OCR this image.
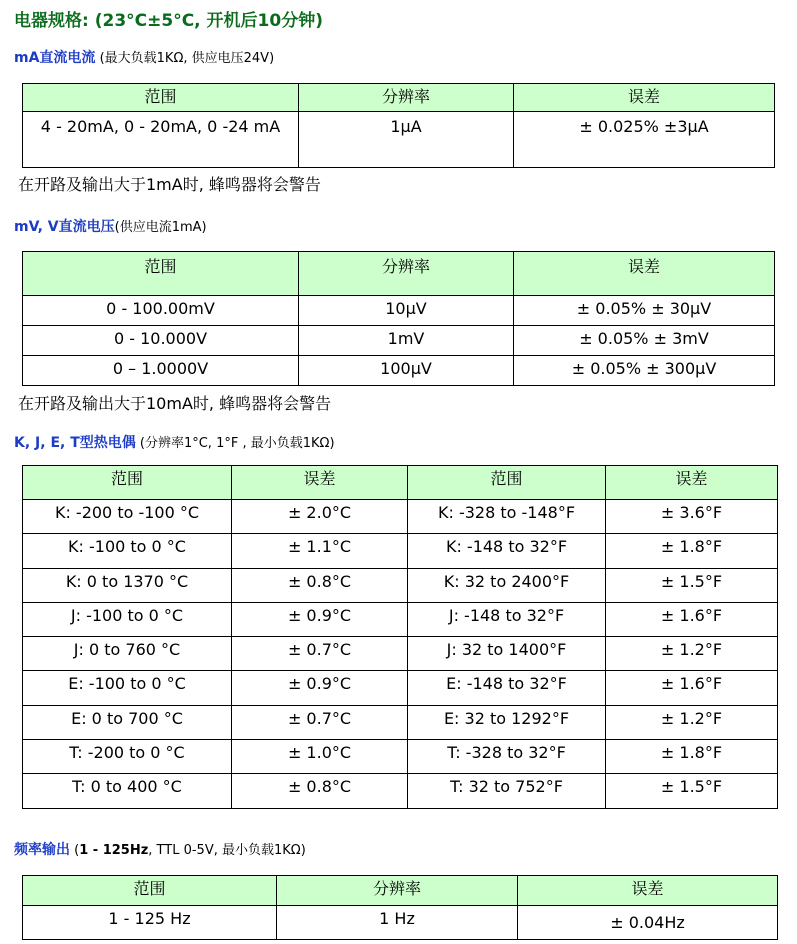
电器规格: (23°C±5°C, 开机后10分钟)
mA直流电流 (最大负载1KΩ, 供应电压24V)
范围	分辨率	误差
4 - 20mA, 0 - 20mA, 0 -24 mA	1μA	± 0.025% ±3μA
在开路及输出大于1mA时, 蜂鸣器将会警告
mV, V直流电压(供应电流1mA)
范围	分辨率	误差
0 - 100.00mV	10μV	± 0.05% ± 30μV
0 - 10.000V	1mV	± 0.05% ± 3mV
0 – 1.0000V	100μV	± 0.05% ± 300μV
在开路及输出大于10mA时, 蜂鸣器将会警告
K, J, E, T型热电偶 (分辨率1°C, 1°F , 最小负载1KΩ)
范围	误差	范围	误差
K: -200 to -100 °C	± 2.0°C	K: -328 to -148°F	± 3.6°F
K: -100 to 0 °C	± 1.1°C	K: -148 to 32°F	± 1.8°F
K: 0 to 1370 °C	± 0.8°C	K: 32 to 2400°F	± 1.5°F
J: -100 to 0 °C	± 0.9°C	J: -148 to 32°F	± 1.6°F
J: 0 to 760 °C	± 0.7°C	J: 32 to 1400°F	± 1.2°F
E: -100 to 0 °C	± 0.9°C	E: -148 to 32°F	± 1.6°F
E: 0 to 700 °C	± 0.7°C	E: 32 to 1292°F	± 1.2°F
T: -200 to 0 °C	± 1.0°C	T: -328 to 32°F	± 1.8°F
T: 0 to 400 °C	± 0.8°C	T: 32 to 752°F	± 1.5°F
频率输出 (1 - 125Hz, TTL 0-5V, 最小负载1KΩ)
范围	分辨率	误差
1 - 125 Hz	1 Hz	± 0.04Hz
